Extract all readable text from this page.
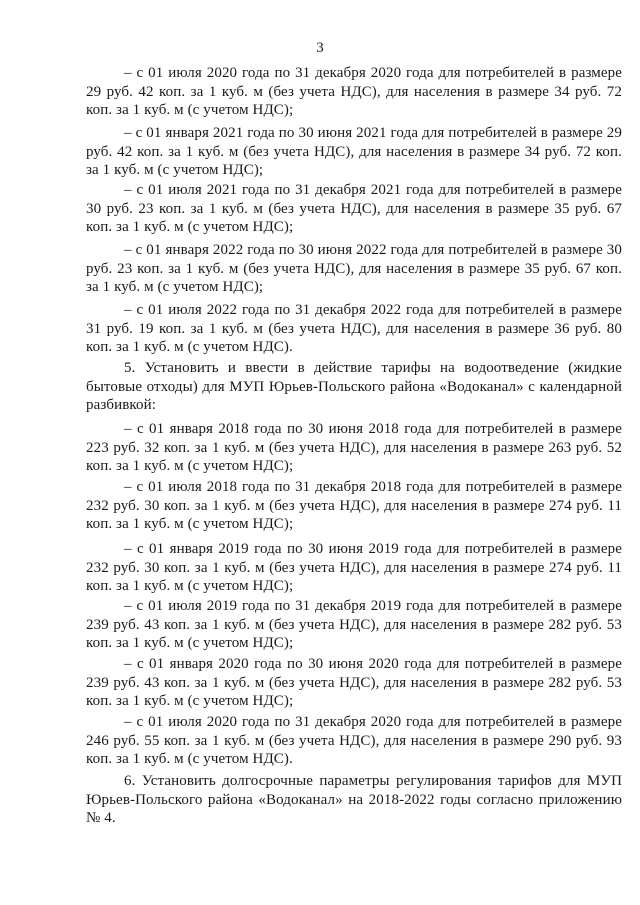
3

– с 01 июля 2020 года по 31 декабря 2020 года для потребителей в размере 29 руб. 42 коп. за 1 куб. м (без учета НДС), для населения в размере 34 руб. 72 коп. за 1 куб. м (с учетом НДС);

– с 01 января 2021 года по 30 июня 2021 года для потребителей в размере 29 руб. 42 коп. за 1 куб. м (без учета НДС), для населения в размере 34 руб. 72 коп. за 1 куб. м (с учетом НДС);

– с 01 июля 2021 года по 31 декабря 2021 года для потребителей в размере 30 руб. 23 коп. за 1 куб. м (без учета НДС), для населения в размере 35 руб. 67 коп. за 1 куб. м (с учетом НДС);

– с 01 января 2022 года по 30 июня 2022 года для потребителей в размере 30 руб. 23 коп. за 1 куб. м (без учета НДС), для населения в размере 35 руб. 67 коп. за 1 куб. м (с учетом НДС);

– с 01 июля 2022 года по 31 декабря 2022 года для потребителей в размере 31 руб. 19 коп. за 1 куб. м (без учета НДС), для населения в размере 36 руб. 80 коп. за 1 куб. м (с учетом НДС).

5. Установить и ввести в действие тарифы на водоотведение (жидкие бытовые отходы) для МУП Юрьев-Польского района «Водоканал» с календарной разбивкой:

– с 01 января 2018 года по 30 июня 2018 года для потребителей в размере 223 руб. 32 коп. за 1 куб. м (без учета НДС), для населения в размере 263 руб. 52 коп. за 1 куб. м (с учетом НДС);

– с 01 июля 2018 года по 31 декабря 2018 года для потребителей в размере 232 руб. 30 коп. за 1 куб. м (без учета НДС), для населения в размере 274 руб. 11 коп. за 1 куб. м (с учетом НДС);

– с 01 января 2019 года по 30 июня 2019 года для потребителей в размере 232 руб. 30 коп. за 1 куб. м (без учета НДС), для населения в размере 274 руб. 11 коп. за 1 куб. м (с учетом НДС);

– с 01 июля 2019 года по 31 декабря 2019 года для потребителей в размере 239 руб. 43 коп. за 1 куб. м (без учета НДС), для населения в размере 282 руб. 53 коп. за 1 куб. м (с учетом НДС);

– с 01 января 2020 года по 30 июня 2020 года для потребителей в размере 239 руб. 43 коп. за 1 куб. м (без учета НДС), для населения в размере 282 руб. 53 коп. за 1 куб. м (с учетом НДС);

– с 01 июля 2020 года по 31 декабря 2020 года для потребителей в размере 246 руб. 55 коп. за 1 куб. м (без учета НДС), для населения в размере 290 руб. 93 коп. за 1 куб. м (с учетом НДС).

6. Установить долгосрочные параметры регулирования тарифов для МУП Юрьев-Польского района «Водоканал» на 2018-2022 годы согласно приложению № 4.
